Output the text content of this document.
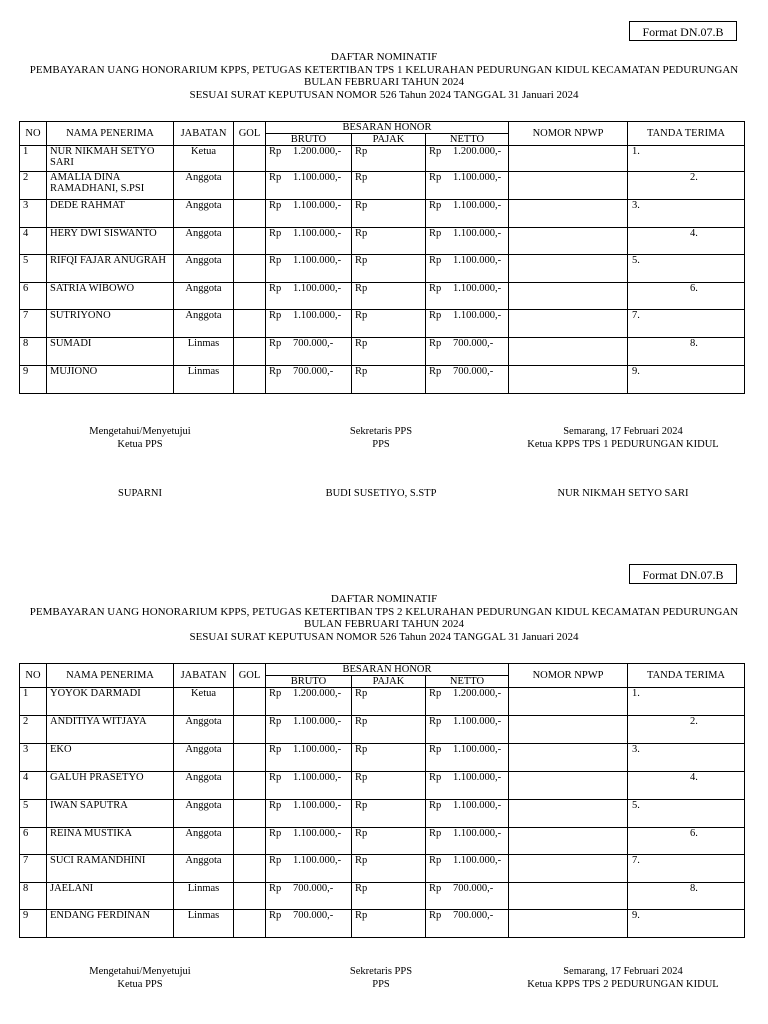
Format DN.07.B
DAFTAR NOMINATIF
PEMBAYARAN UANG HONORARIUM KPPS, PETUGAS KETERTIBAN TPS 1 KELURAHAN PEDURUNGAN KIDUL KECAMATAN PEDURUNGAN
BULAN FEBRUARI TAHUN 2024
SESUAI SURAT KEPUTUSAN NOMOR 526 Tahun 2024 TANGGAL 31 Januari 2024
NO	NAMA PENERIMA	JABATAN	GOL	BESARAN HONOR			NOMOR NPWP	TANDA TERIMA
				BRUTO	PAJAK	NETTO		
1	NUR NIKMAH SETYO SARI	Ketua		Rp 1.200.000,-	Rp	Rp 1.200.000,-		1.

2	AMALIA DINA RAMADHANI, S.PSI	Anggota		Rp 1.100.000,-	Rp	Rp 1.100.000,-		2.

3	DEDE RAHMAT	Anggota		Rp 1.100.000,-	Rp	Rp 1.100.000,-		3.

4	HERY DWI SISWANTO	Anggota		Rp 1.100.000,-	Rp	Rp 1.100.000,-		4.

5	RIFQI FAJAR ANUGRAH	Anggota		Rp 1.100.000,-	Rp	Rp 1.100.000,-		5.

6	SATRIA WIBOWO	Anggota		Rp 1.100.000,-	Rp	Rp 1.100.000,-		6.

7	SUTRIYONO	Anggota		Rp 1.100.000,-	Rp	Rp 1.100.000,-		7.

8	SUMADI	Linmas		Rp 700.000,-	Rp	Rp 700.000,-		8.

9	MUJIONO	Linmas		Rp 700.000,-	Rp	Rp 700.000,-		9.
Mengetahui/Menyetujui
Ketua PPS
SUPARNI
Sekretaris PPS
PPS
BUDI SUSETIYO, S.STP
Semarang, 17 Februari 2024
Ketua KPPS TPS 1 PEDURUNGAN KIDUL
NUR NIKMAH SETYO SARI
Format DN.07.B
DAFTAR NOMINATIF
PEMBAYARAN UANG HONORARIUM KPPS, PETUGAS KETERTIBAN TPS 2 KELURAHAN PEDURUNGAN KIDUL KECAMATAN PEDURUNGAN
BULAN FEBRUARI TAHUN 2024
SESUAI SURAT KEPUTUSAN NOMOR 526 Tahun 2024 TANGGAL 31 Januari 2024
NO	NAMA PENERIMA	JABATAN	GOL	BESARAN HONOR			NOMOR NPWP	TANDA TERIMA
				BRUTO	PAJAK	NETTO		
1	YOYOK DARMADI	Ketua		Rp 1.200.000,-	Rp	Rp 1.200.000,-		1.

2	ANDITIYA WITJAYA	Anggota		Rp 1.100.000,-	Rp	Rp 1.100.000,-		2.

3	EKO	Anggota		Rp 1.100.000,-	Rp	Rp 1.100.000,-		3.

4	GALUH PRASETYO	Anggota		Rp 1.100.000,-	Rp	Rp 1.100.000,-		4.

5	IWAN SAPUTRA	Anggota		Rp 1.100.000,-	Rp	Rp 1.100.000,-		5.

6	REINA MUSTIKA	Anggota		Rp 1.100.000,-	Rp	Rp 1.100.000,-		6.

7	SUCI RAMANDHINI	Anggota		Rp 1.100.000,-	Rp	Rp 1.100.000,-		7.

8	JAELANI	Linmas		Rp 700.000,-	Rp	Rp 700.000,-		8.

9	ENDANG FERDINAN	Linmas		Rp 700.000,-	Rp	Rp 700.000,-		9.
Mengetahui/Menyetujui
Ketua PPS
Sekretaris PPS
PPS
Semarang, 17 Februari 2024
Ketua KPPS TPS 2 PEDURUNGAN KIDUL
